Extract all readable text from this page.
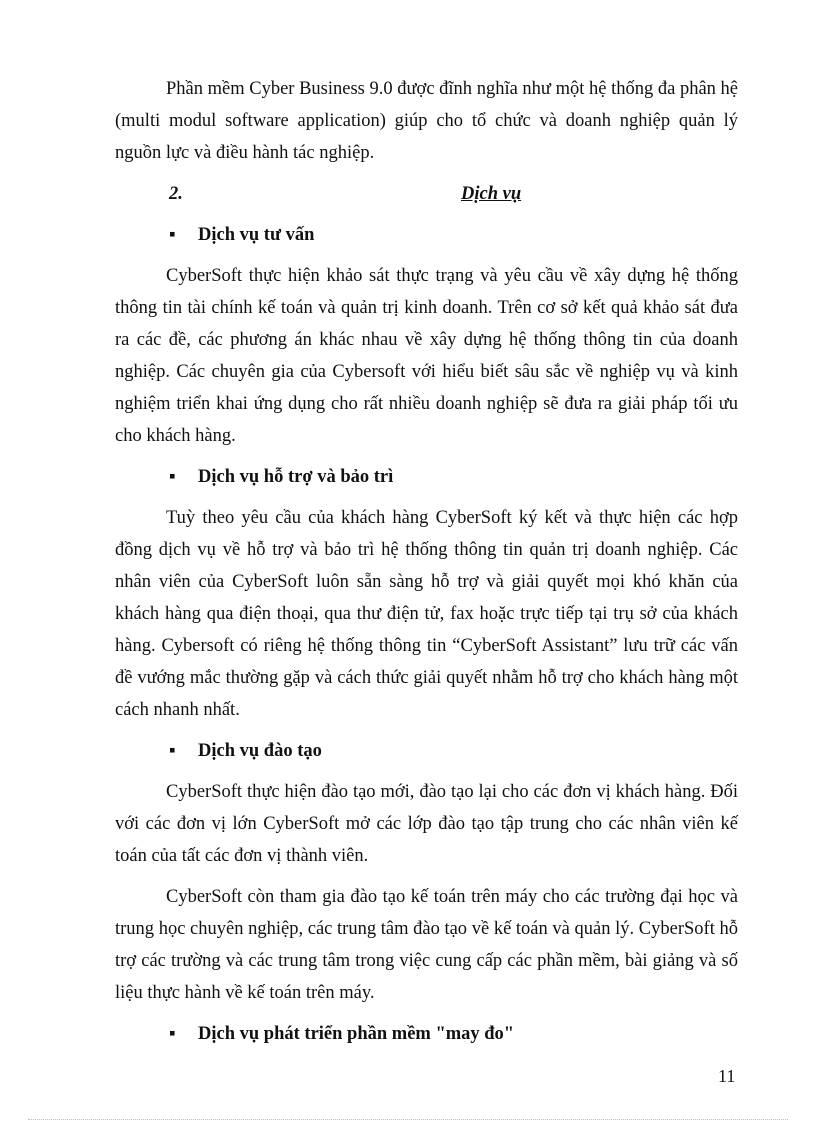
Phần mềm Cyber Business 9.0 được đĩnh nghĩa như một hệ thống đa phân hệ (multi modul software application) giúp cho tổ chức và doanh nghiệp quản lý nguồn lực và điều hành tác nghiệp.

2.	Dịch vụ
▪ Dịch vụ tư vấn

CyberSoft thực hiện khảo sát thực trạng và yêu cầu về xây dựng hệ thống thông tin tài chính kế toán và quản trị kinh doanh. Trên cơ sở kết quả khảo sát đưa ra các đề, các phương án khác nhau về xây dựng hệ thống thông tin của doanh nghiệp. Các chuyên gia của Cybersoft với hiểu biết sâu sắc về nghiệp vụ và kinh nghiệm triển khai ứng dụng cho rất nhiều doanh nghiệp sẽ đưa ra giải pháp tối ưu cho khách hàng.

▪ Dịch vụ hỗ trợ và bảo trì

Tuỳ theo yêu cầu của khách hàng CyberSoft ký kết và thực hiện các hợp đồng dịch vụ về hỗ trợ và bảo trì hệ thống thông tin quản trị doanh nghiệp. Các nhân viên của CyberSoft luôn sẵn sàng hỗ trợ và giải quyết mọi khó khăn của khách hàng qua điện thoại, qua thư điện tử, fax hoặc trực tiếp tại trụ sở của khách hàng. Cybersoft có riêng hệ thống thông tin “CyberSoft Assistant” lưu trữ các vấn đề vướng mắc thường gặp và cách thức giải quyết nhằm hỗ trợ cho khách hàng một cách nhanh nhất.

▪ Dịch vụ đào tạo

CyberSoft thực hiện đào tạo mới, đào tạo lại cho các đơn vị khách hàng. Đối với các đơn vị lớn CyberSoft mở các lớp đào tạo tập trung cho các nhân viên kế toán của tất các đơn vị thành viên.

CyberSoft còn tham gia đào tạo kế toán trên máy cho các trường đại học và trung học chuyên nghiệp, các trung tâm đào tạo về kế toán và quản lý. CyberSoft hỗ trợ các trường và các trung tâm trong việc cung cấp các phần mềm, bài giảng và số liệu thực hành về kế toán trên máy.

▪ Dịch vụ phát triển phần mềm "may đo"
11
